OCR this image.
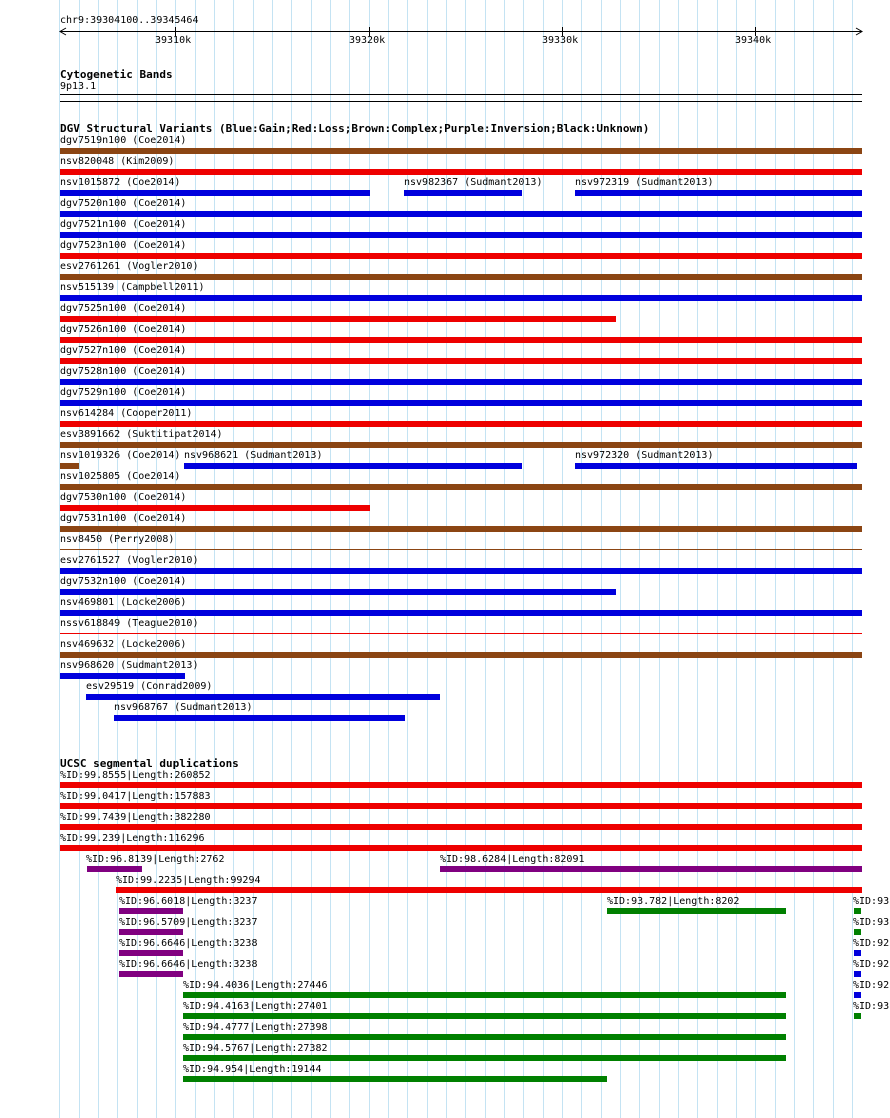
chr9:39304100..39345464
39310k	39320k	39330k	39340k
Cytogenetic Bands
9p13.1
DGV Structural Variants (Blue:Gain;Red:Loss;Brown:Complex;Purple:Inversion;Black:Unknown)
dgv7519n100 (Coe2014)
nsv820048 (Kim2009)
nsv1015872 (Coe2014)	nsv982367 (Sudmant2013)	nsv972319 (Sudmant2013)
dgv7520n100 (Coe2014)
dgv7521n100 (Coe2014)
dgv7523n100 (Coe2014)
esv2761261 (Vogler2010)
nsv515139 (Campbell2011)
dgv7525n100 (Coe2014)
dgv7526n100 (Coe2014)
dgv7527n100 (Coe2014)
dgv7528n100 (Coe2014)
dgv7529n100 (Coe2014)
nsv614284 (Cooper2011)
esv3891662 (Suktitipat2014)
nsv1019326 (Coe2014) nsv968621 (Sudmant2013)	nsv972320 (Sudmant2013)
nsv1025805 (Coe2014)
dgv7530n100 (Coe2014)
dgv7531n100 (Coe2014)
nsv8450 (Perry2008)
esv2761527 (Vogler2010)
dgv7532n100 (Coe2014)
nsv469801 (Locke2006)
nssv618849 (Teague2010)
nsv469632 (Locke2006)
nsv968620 (Sudmant2013)
esv29519 (Conrad2009)
nsv968767 (Sudmant2013)
UCSC segmental duplications
%ID:99.8555|Length:260852
%ID:99.0417|Length:157883
%ID:99.7439|Length:382280
%ID:99.239|Length:116296
%ID:96.8139|Length:2762	%ID:98.6284|Length:82091
%ID:99.2235|Length:99294
%ID:96.6018|Length:3237	%ID:93.782|Length:8202	%ID:93
%ID:96.5709|Length:3237	%ID:93
%ID:96.6646|Length:3238	%ID:92
%ID:96.6646|Length:3238	%ID:92
%ID:94.4036|Length:27446	%ID:92
%ID:94.4163|Length:27401	%ID:93
%ID:94.4777|Length:27398
%ID:94.5767|Length:27382
%ID:94.954|Length:19144
